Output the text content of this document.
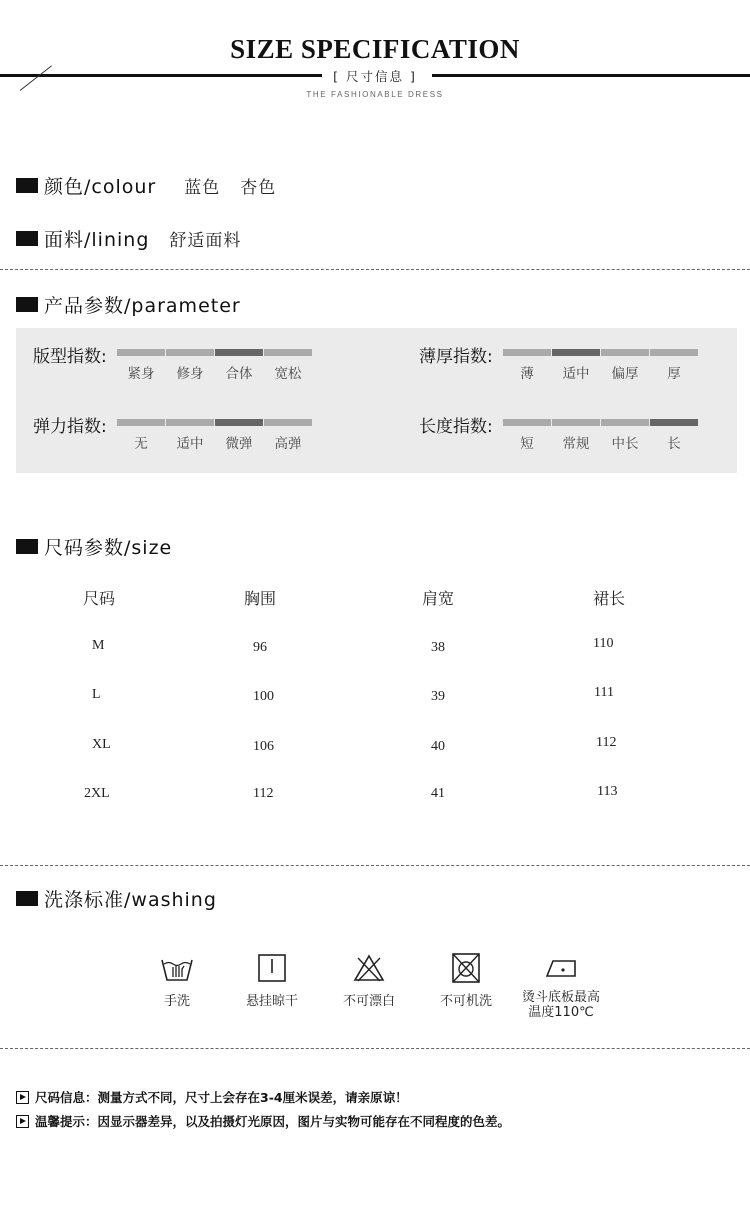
SIZE SPECIFICATION
[ 尺寸信息 ]
THE FASHIONABLE DRESS
颜色/colour 蓝色 杏色
面料/lining 舒适面料
产品参数/parameter
版型指数:
紧身	修身	合体	宽松
薄厚指数:
薄	适中	偏厚	厚
弹力指数:
无	适中	微弹	高弹
长度指数:
短	常规	中长	长
尺码参数/size
尺码	胸围	肩宽	裙长
M	96	38	110
L	100	39	111
XL	106	40	112
2XL	112	41	113
洗涤标准/washing
手洗	悬挂晾干	不可漂白	不可机洗	烫斗底板最高
温度110℃
尺码信息：测量方式不同，尺寸上会存在3-4厘米误差，请亲原谅！
温馨提示：因显示器差异，以及拍摄灯光原因，图片与实物可能存在不同程度的色差。
